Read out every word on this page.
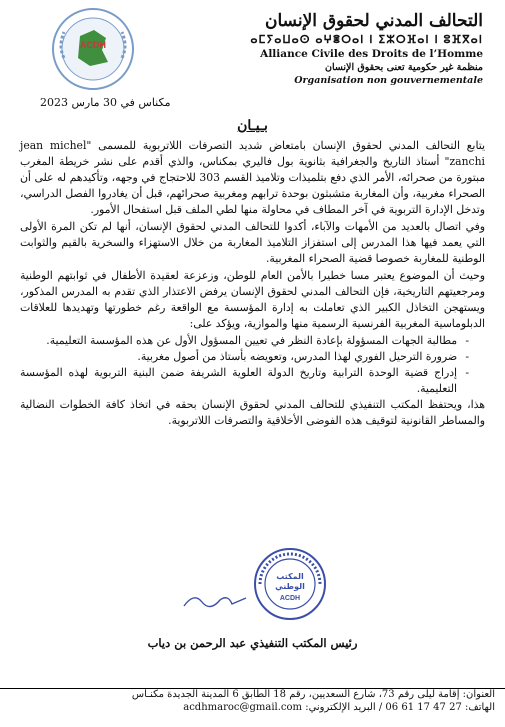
ACDH
التحالف المدني لحقوق الإنسان
ⴰⵎⵢⴰⵡⴰⵙ ⴰⵖⴻⵔⴰⵏ ⵏ ⵉⵣⵔⴼⴰⵏ ⵏ ⵓⴼⴳⴰⵏ
Alliance Civile des Droits de l’Homme
منظمة غير حكومية تعنى بحقوق الإنسان
Organisation non gouvernementale
مكناس في 30 مارس 2023
بـيـان

يتابع التحالف المدني لحقوق الإنسان بامتعاض شديد التصرفات اللاتربوية للمسمى "jean michel zanchi" أستاذ التاريخ والجغرافية بثانوية بول فاليري بمكناس، والذي أقدم على نشر خريطة المغرب مبتورة من صحرائه، الأمر الذي دفع بتلميذات وتلاميذ القسم 303 للاحتجاج في وجهه، وتأكيدهم له على أن الصحراء مغربية، وأن المغاربة متشبثون بوحدة ترابهم ومغربية صحرائهم، قبل أن يغادروا الفصل الدراسي، وتدخل الإدارة التربوية في آخر المطاف في محاولة منها لطي الملف قبل استفحال الأمور.

وفي اتصال بالعديد من الأمهات والآباء، أكدوا للتحالف المدني لحقوق الإنسان، أنها لم تكن المرة الأولى التي يعمد فيها هذا المدرس إلى استفزاز التلاميذ المغاربة من خلال الاستهزاء والسخرية بالقيم والثوابت الوطنية للمغاربة خصوصا قضية الصحراء المغربية.

وحيث أن الموضوع يعتبر مسا خطيرا بالأمن العام للوطن، وزعزعة لعقيدة الأطفال في ثوابتهم الوطنية ومرجعيتهم التاريخية، فإن التحالف المدني لحقوق الإنسان يرفض الاعتذار الذي تقدم به المدرس المذكور، ويستهجن التخاذل الكبير الذي تعاملت به إدارة المؤسسة مع الواقعة رغم خطورتها وتهديدها للعلاقات الدبلوماسية المغربية الفرنسية الرسمية منها والموازية، ويؤكد على:

- مطالبة الجهات المسؤولة بإعادة النظر في تعيين المسؤول الأول عن هذه المؤسسة التعليمية.
- ضرورة الترحيل الفوري لهذا المدرس، وتعويضه بأستاذ من أصول مغربية.
- إدراج قضية الوحدة الترابية وتاريخ الدولة العلوية الشريفة ضمن البنية التربوية لهذه المؤسسة التعليمية.

هذا، ويحتفظ المكتب التنفيذي للتحالف المدني لحقوق الإنسان بحقه في اتخاذ كافة الخطوات النضالية والمساطر القانونية لتوقيف هذه الفوضى الأخلاقية والتصرفات اللاتربوية.

المكتب
الوطني
ACDH
رئيس المكتب التنفيذي عبد الرحمن بن دياب
العنوان: إقامة ليلى رقم 73، شارع السعديين، رقم 18 الطابق 6 المدينة الجديدة مكنـاس
الهاتف: 27 47 17 61 06 / البريد الإلكتروني: acdhmaroc@gmail.com
